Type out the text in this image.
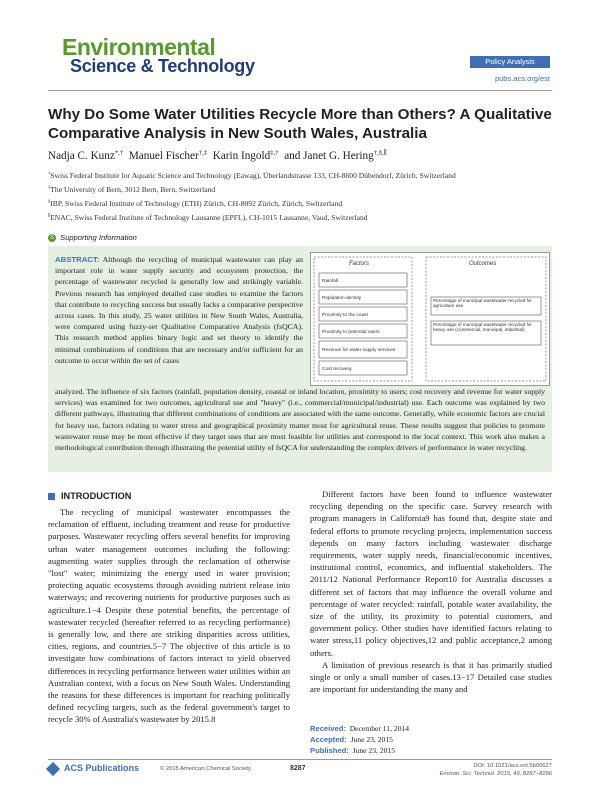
Environmental
Science & Technology	Policy Analysis
pubs.acs.org/est
Why Do Some Water Utilities Recycle More than Others? A Qualitative Comparative Analysis in New South Wales, Australia
Nadja C. Kunz*,† Manuel Fischer†,‡ Karin Ingold‡,† and Janet G. Hering†,§,∥
†Swiss Federal Institute for Aquatic Science and Technology (Eawag), Überlandstrasse 133, CH-8600 Dübendorf, Zürich, Switzerland
‡The University of Bern, 3012 Bern, Bern, Switzerland
§IBP, Swiss Federal Institute of Technology (ETH) Zürich, CH-8092 Zürich, Zürich, Switzerland
∥ENAC, Swiss Federal Institute of Technology Lausanne (EPFL), CH-1015 Lausanne, Vaud, Switzerland
S Supporting Information
ABSTRACT: Although the recycling of municipal wastewater can play an important role in water supply security and ecosystem protection, the percentage of wastewater recycled is generally low and strikingly variable. Previous research has employed detailed case studies to examine the factors that contribute to recycling success but usually lacks a comparative perspective across cases. In this study, 25 water utilities in New South Wales, Australia, were compared using fuzzy-set Qualitative Comparative Analysis (fsQCA). This research method applies binary logic and set theory to identify the minimal combinations of conditions that are necessary and/or sufficient for an outcome to occur within the set of cases
Factors	Outcomes
Rainfall
Population density
Proximity to the coast
Proximity to potential users
Revenue for water supply services
Cost recovery
Percentage of municipal wastewater recycled for agriculture use
Percentage of municipal wastewater recycled for heavy use (commercial, municipal, industrial)
analyzed. The influence of six factors (rainfall, population density, coastal or inland location, proximity to users; cost recovery and revenue for water supply services) was examined for two outcomes, agricultural use and "heavy" (i.e., commercial/municipal/industrial) use. Each outcome was explained by two different pathways, illustrating that different combinations of conditions are associated with the same outcome. Generally, while economic factors are crucial for heavy use, factors relating to water stress and geographical proximity matter most for agricultural reuse. These results suggest that policies to promote wastewater reuse may be most effective if they target uses that are most feasible for utilities and correspond to the local context. This work also makes a methodological contribution through illustrating the potential utility of fsQCA for understanding the complex drivers of performance in water recycling.
INTRODUCTION

The recycling of municipal wastewater encompasses the reclamation of effluent, including treatment and reuse for productive purposes. Wastewater recycling offers several benefits for improving urban water management outcomes including the following: augmenting water supplies through the reclamation of otherwise "lost" water; minimizing the energy used in water provision; protecting aquatic ecosystems through avoiding nutrient release into waterways; and recovering nutrients for productive purposes such as agriculture.1−4 Despite these potential benefits, the percentage of wastewater recycled (hereafter referred to as recycling performance) is generally low, and there are striking disparities across utilities, cities, regions, and countries.5−7 The objective of this article is to investigate how combinations of factors interact to yield observed differences in recycling performance between water utilities within an Australian context, with a focus on New South Wales. Understanding the reasons for these differences is important for reaching politically defined recycling targets, such as the federal government's target to recycle 30% of Australia's wastewater by 2015.8

Different factors have been found to influence wastewater recycling depending on the specific case. Survey research with program managers in California9 has found that, despite state and federal efforts to promote recycling projects, implementation success depends on many factors including wastewater discharge requirements, water supply needs, financial/economic incentives, institutional control, economics, and influential stakeholders. The 2011/12 National Performance Report10 for Australia discusses a different set of factors that may influence the overall volume and percentage of water recycled: rainfall, potable water availability, the size of the utility, its proximity to potential customers, and government policy. Other studies have identified factors relating to water stress,11 policy objectives,12 and public acceptance,2 among others.

A limitation of previous research is that it has primarily studied single or only a small number of cases.13−17 Detailed case studies are important for understanding the many and

Received: December 11, 2014
Accepted: June 23, 2015
Published: June 23, 2015
ACS Publications	© 2015 American Chemical Society	8287	DOI: 10.1021/acs.est.5b00627
Environ. Sci. Technol. 2015, 49, 8287−8296
